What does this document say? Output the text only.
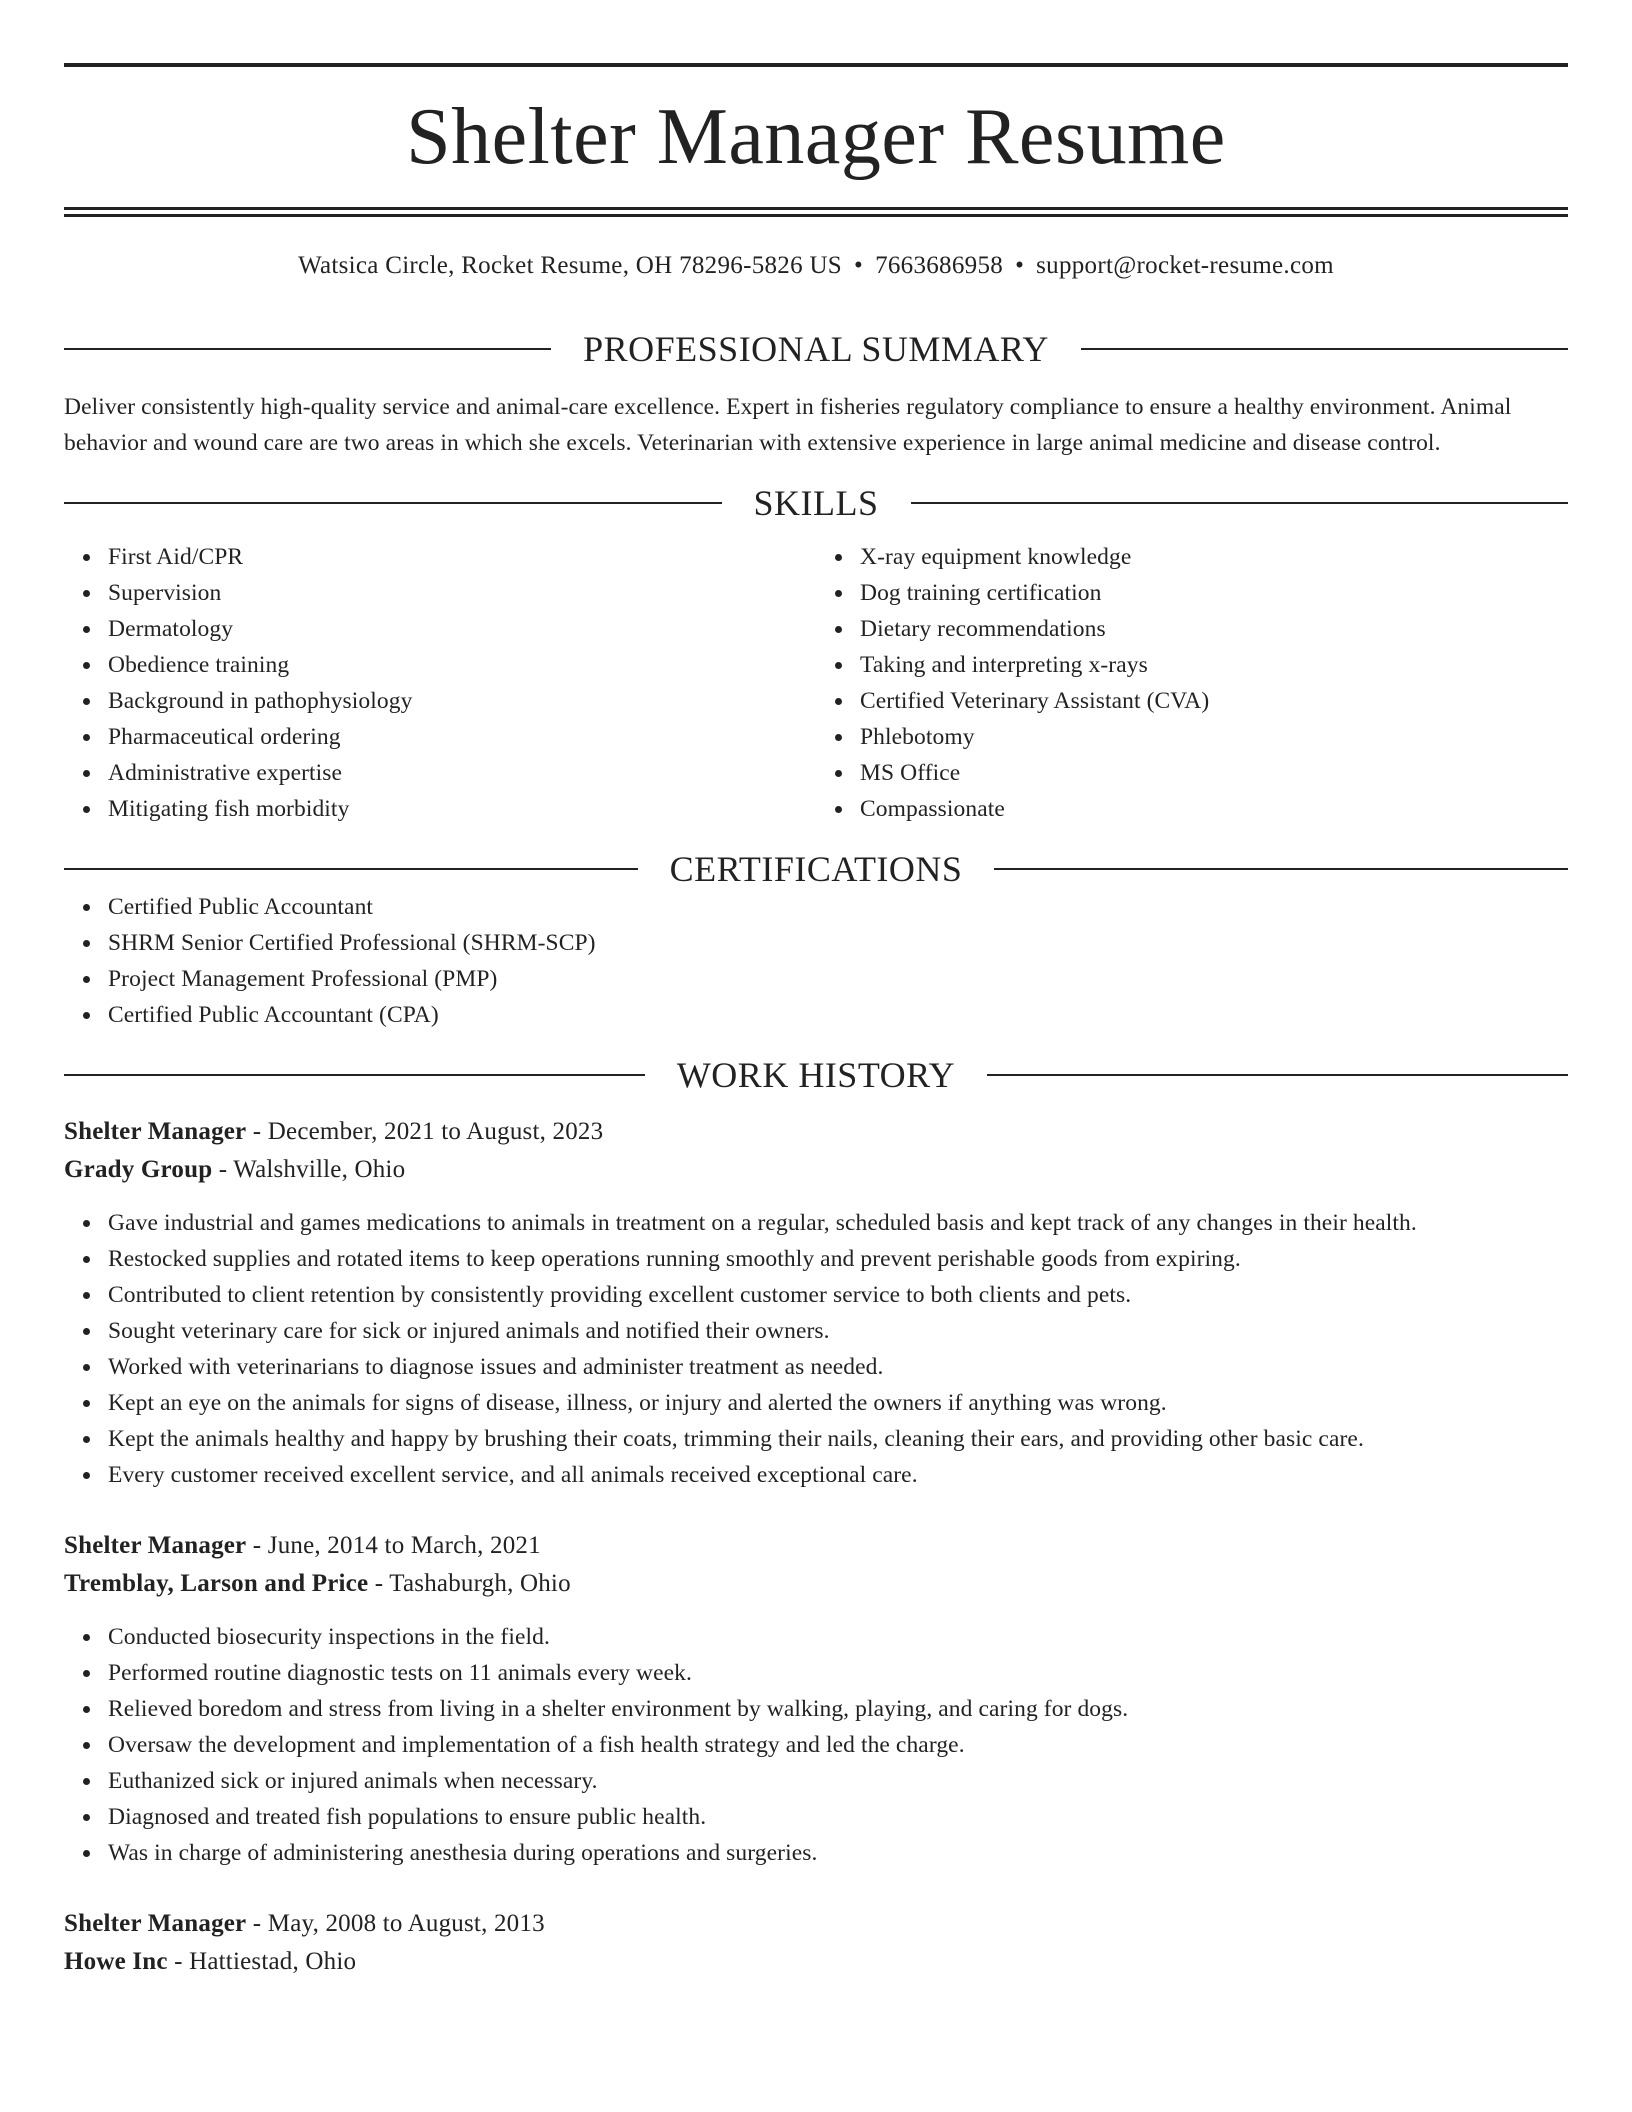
Shelter Manager Resume
Watsica Circle, Rocket Resume, OH 78296-5826 US • 7663686958 • support@rocket-resume.com
PROFESSIONAL SUMMARY

Deliver consistently high-quality service and animal-care excellence. Expert in fisheries regulatory compliance to ensure a healthy environment. Animal behavior and wound care are two areas in which she excels. Veterinarian with extensive experience in large animal medicine and disease control.

SKILLS
First Aid/CPR
Supervision
Dermatology
Obedience training
Background in pathophysiology
Pharmaceutical ordering
Administrative expertise
Mitigating fish morbidity
X-ray equipment knowledge
Dog training certification
Dietary recommendations
Taking and interpreting x-rays
Certified Veterinary Assistant (CVA)
Phlebotomy
MS Office
Compassionate
CERTIFICATIONS
Certified Public Accountant
SHRM Senior Certified Professional (SHRM-SCP)
Project Management Professional (PMP)
Certified Public Accountant (CPA)
WORK HISTORY
Shelter Manager - December, 2021 to August, 2023
Grady Group - Walshville, Ohio
Gave industrial and games medications to animals in treatment on a regular, scheduled basis and kept track of any changes in their health.
Restocked supplies and rotated items to keep operations running smoothly and prevent perishable goods from expiring.
Contributed to client retention by consistently providing excellent customer service to both clients and pets.
Sought veterinary care for sick or injured animals and notified their owners.
Worked with veterinarians to diagnose issues and administer treatment as needed.
Kept an eye on the animals for signs of disease, illness, or injury and alerted the owners if anything was wrong.
Kept the animals healthy and happy by brushing their coats, trimming their nails, cleaning their ears, and providing other basic care.
Every customer received excellent service, and all animals received exceptional care.
Shelter Manager - June, 2014 to March, 2021
Tremblay, Larson and Price - Tashaburgh, Ohio
Conducted biosecurity inspections in the field.
Performed routine diagnostic tests on 11 animals every week.
Relieved boredom and stress from living in a shelter environment by walking, playing, and caring for dogs.
Oversaw the development and implementation of a fish health strategy and led the charge.
Euthanized sick or injured animals when necessary.
Diagnosed and treated fish populations to ensure public health.
Was in charge of administering anesthesia during operations and surgeries.
Shelter Manager - May, 2008 to August, 2013
Howe Inc - Hattiestad, Ohio
